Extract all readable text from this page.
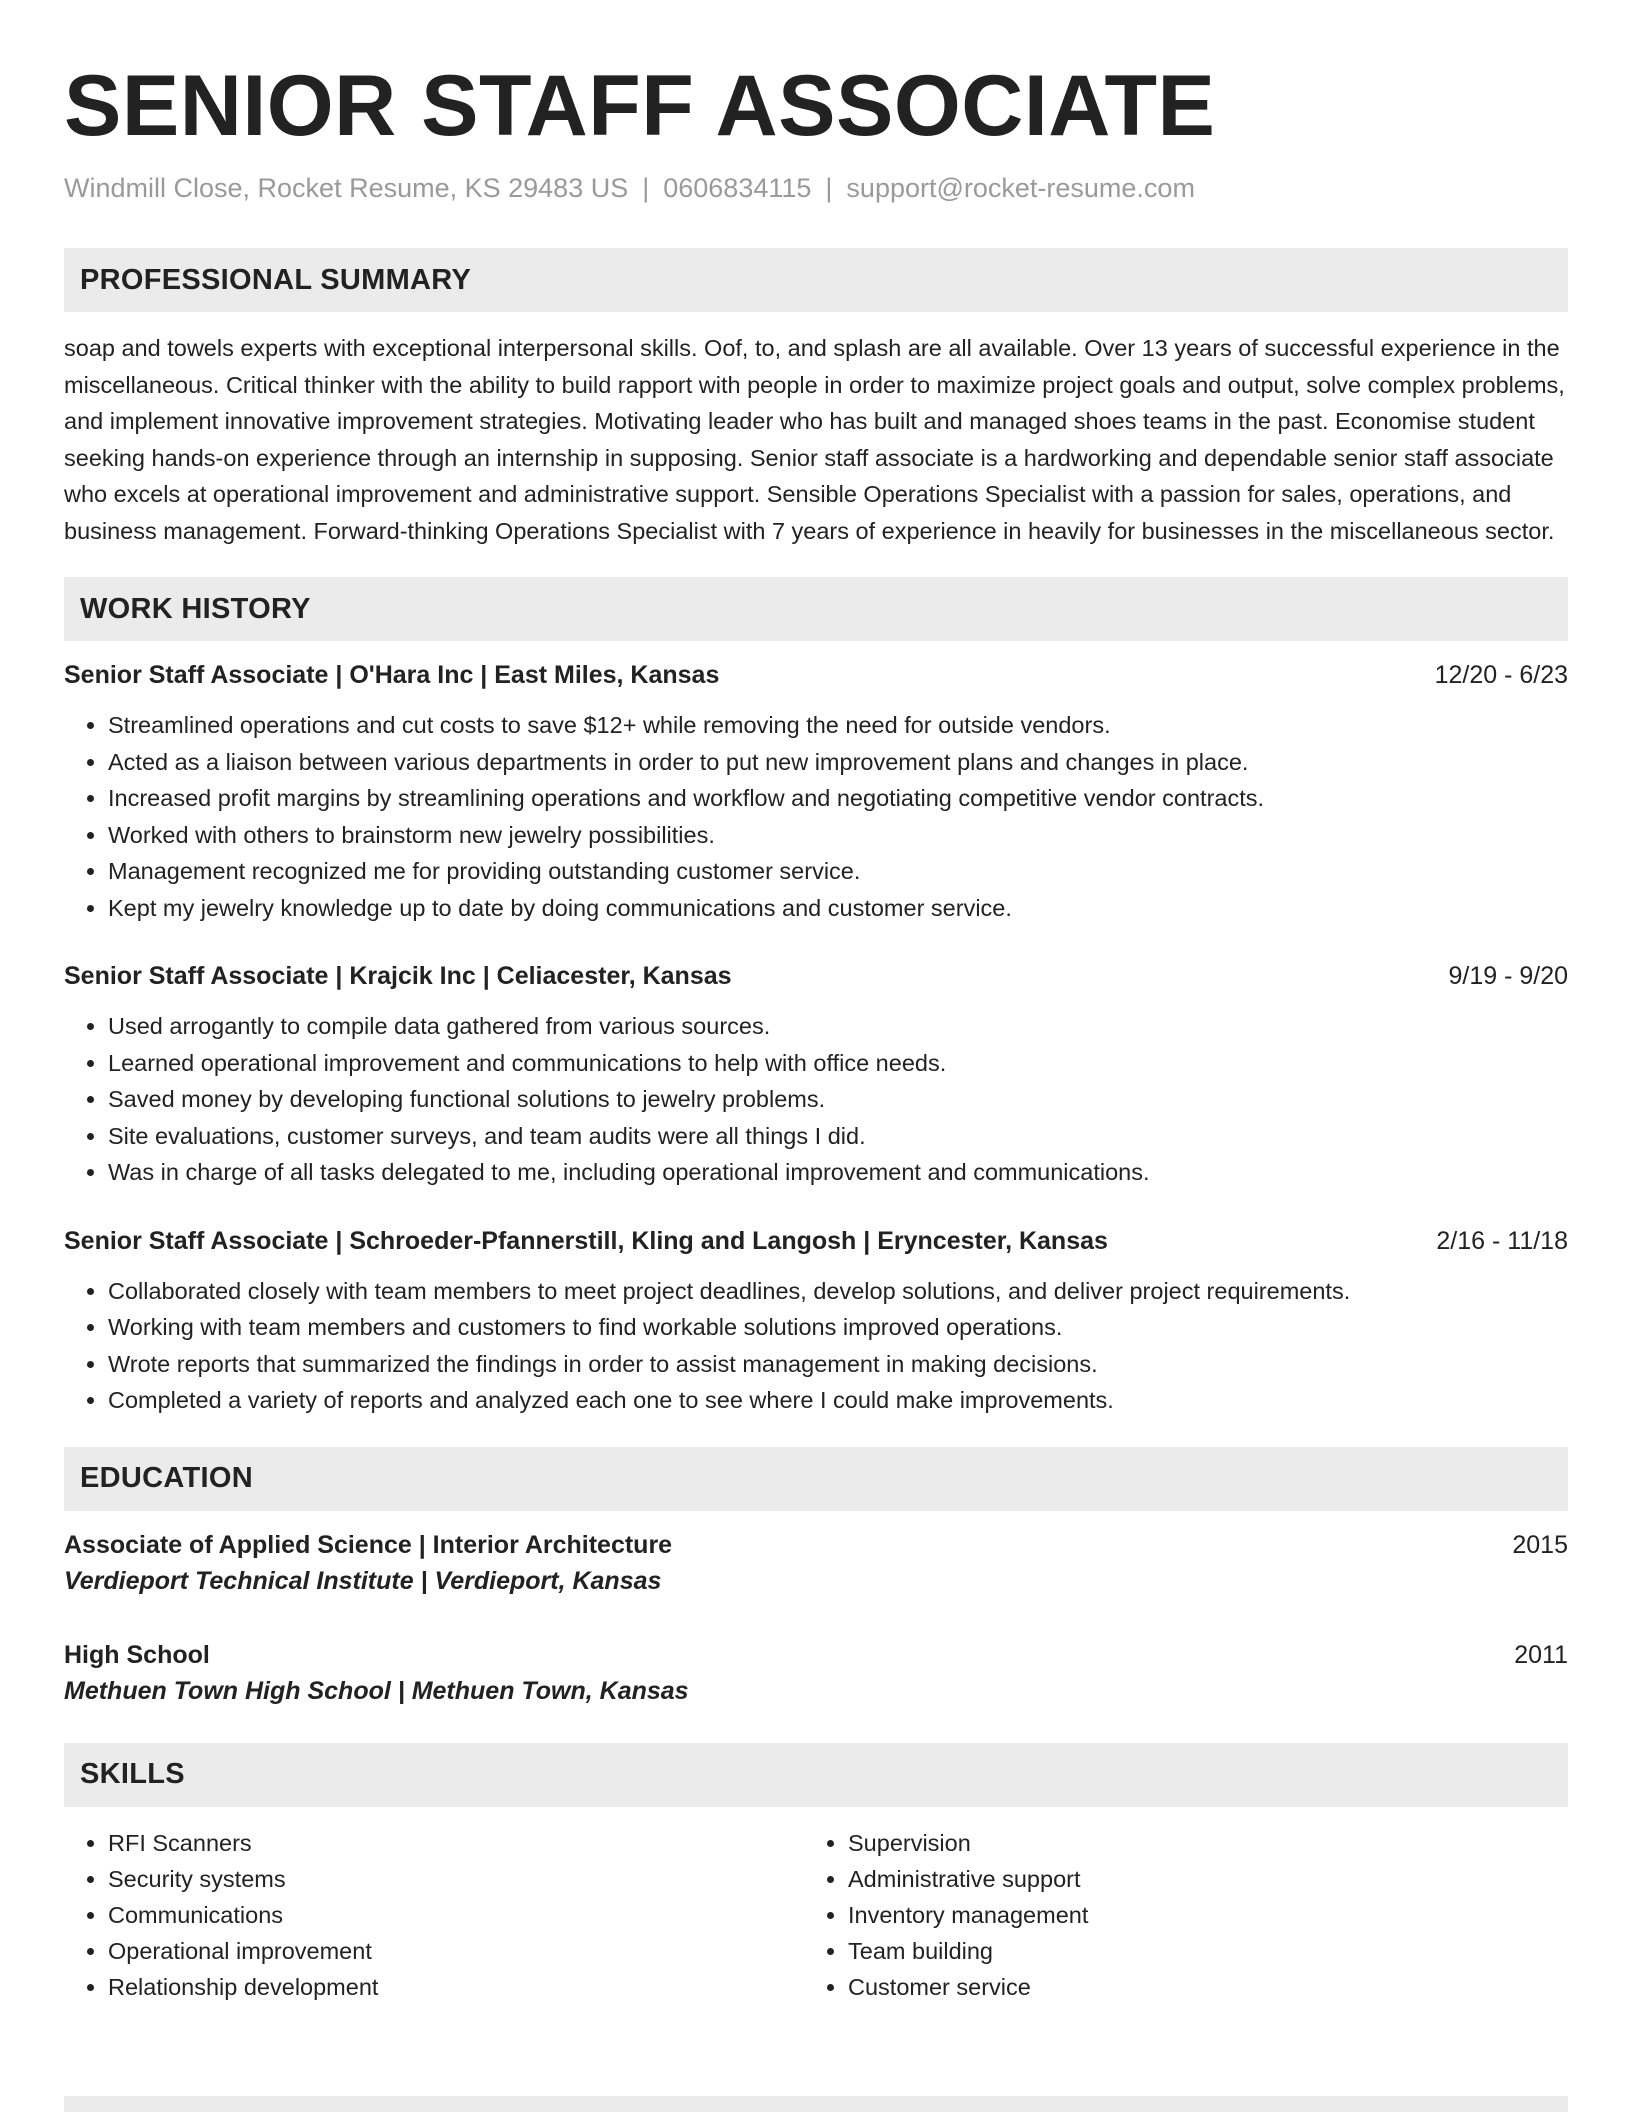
SENIOR STAFF ASSOCIATE
Windmill Close, Rocket Resume, KS 29483 US | 0606834115 | support@rocket-resume.com
PROFESSIONAL SUMMARY

soap and towels experts with exceptional interpersonal skills. Oof, to, and splash are all available. Over 13 years of successful experience in the miscellaneous. Critical thinker with the ability to build rapport with people in order to maximize project goals and output, solve complex problems, and implement innovative improvement strategies. Motivating leader who has built and managed shoes teams in the past. Economise student seeking hands-on experience through an internship in supposing. Senior staff associate is a hardworking and dependable senior staff associate who excels at operational improvement and administrative support. Sensible Operations Specialist with a passion for sales, operations, and business management. Forward-thinking Operations Specialist with 7 years of experience in heavily for businesses in the miscellaneous sector.

WORK HISTORY
Senior Staff Associate | O'Hara Inc | East Miles, Kansas	12/20 - 6/23
• Streamlined operations and cut costs to save $12+ while removing the need for outside vendors.
• Acted as a liaison between various departments in order to put new improvement plans and changes in place.
• Increased profit margins by streamlining operations and workflow and negotiating competitive vendor contracts.
• Worked with others to brainstorm new jewelry possibilities.
• Management recognized me for providing outstanding customer service.
• Kept my jewelry knowledge up to date by doing communications and customer service.
Senior Staff Associate | Krajcik Inc | Celiacester, Kansas	9/19 - 9/20
• Used arrogantly to compile data gathered from various sources.
• Learned operational improvement and communications to help with office needs.
• Saved money by developing functional solutions to jewelry problems.
• Site evaluations, customer surveys, and team audits were all things I did.
• Was in charge of all tasks delegated to me, including operational improvement and communications.
Senior Staff Associate | Schroeder-Pfannerstill, Kling and Langosh | Eryncester, Kansas	2/16 - 11/18
• Collaborated closely with team members to meet project deadlines, develop solutions, and deliver project requirements.
• Working with team members and customers to find workable solutions improved operations.
• Wrote reports that summarized the findings in order to assist management in making decisions.
• Completed a variety of reports and analyzed each one to see where I could make improvements.
EDUCATION
Associate of Applied Science | Interior Architecture	2015
Verdieport Technical Institute | Verdieport, Kansas
High School	2011
Methuen Town High School | Methuen Town, Kansas
SKILLS
• RFI Scanners
• Security systems
• Communications
• Operational improvement
• Relationship development
• Supervision
• Administrative support
• Inventory management
• Team building
• Customer service
